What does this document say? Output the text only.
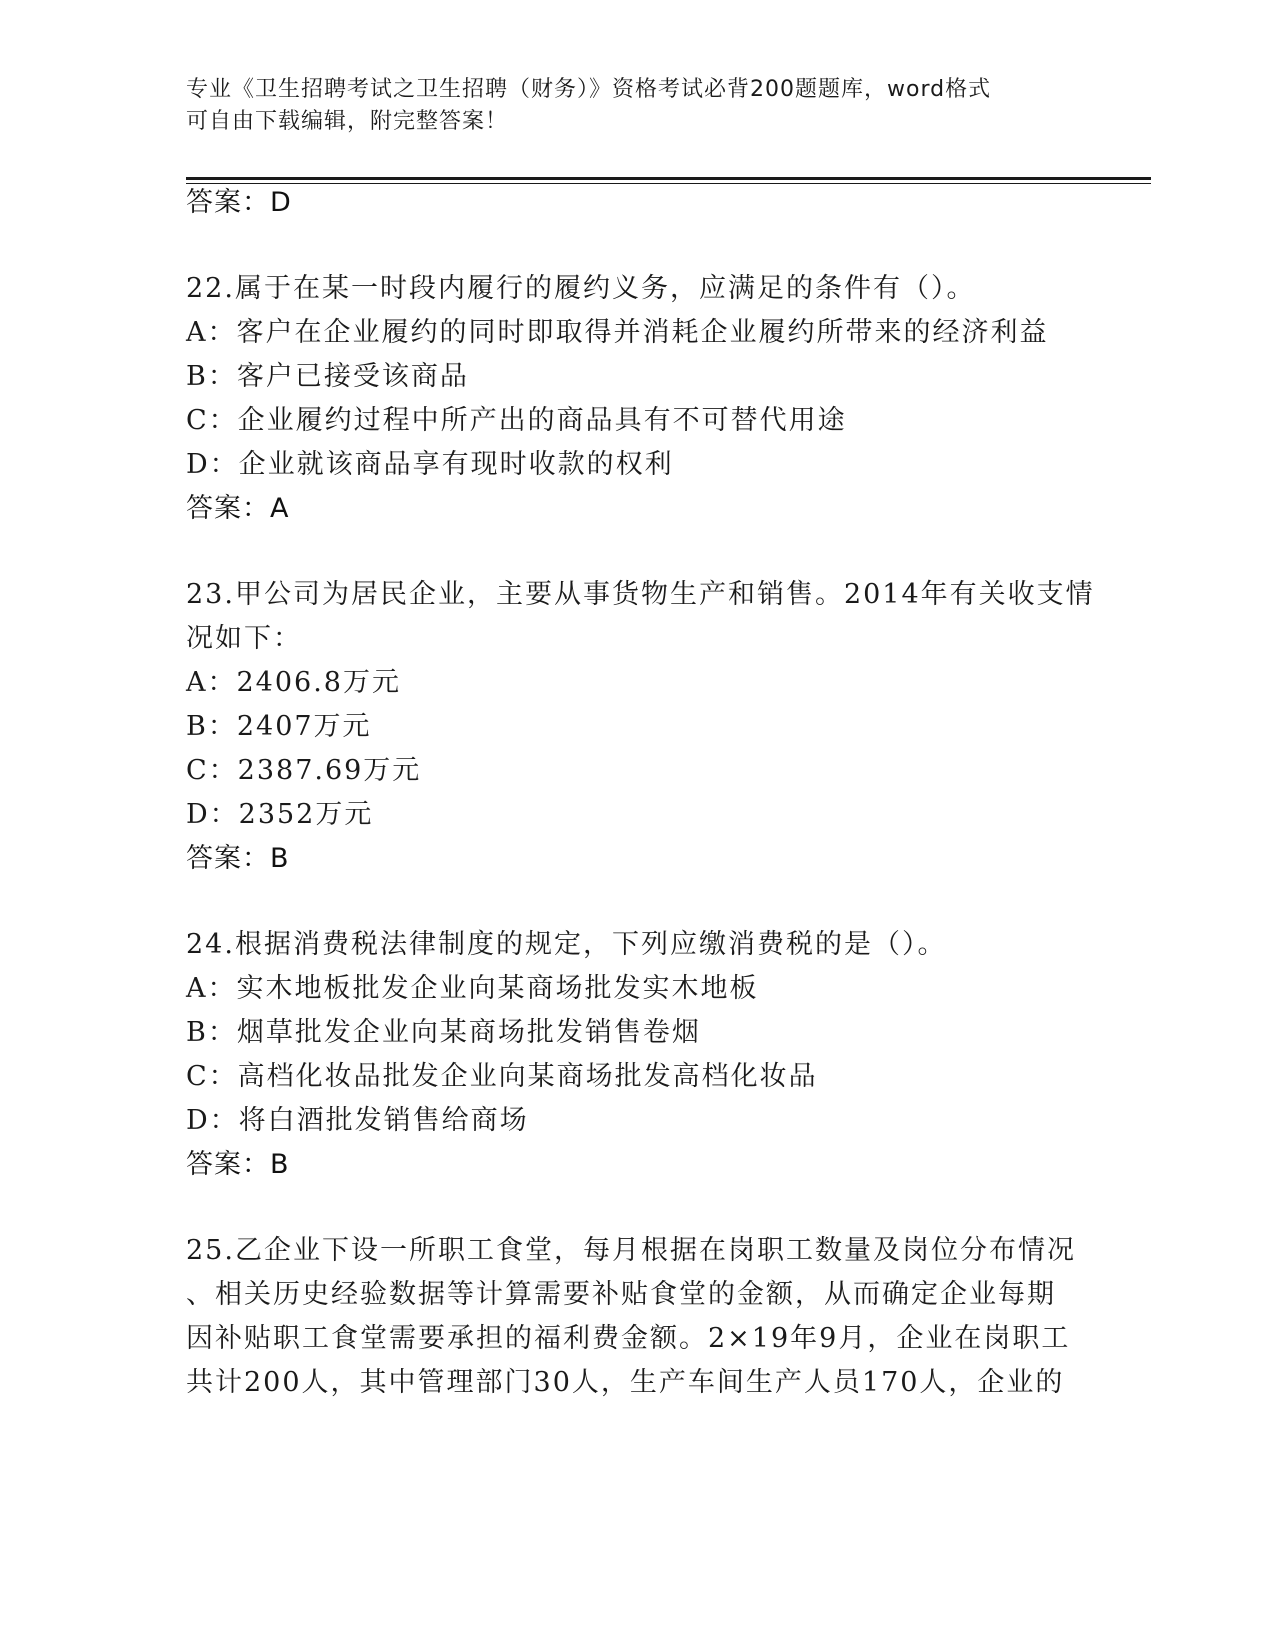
专业《卫生招聘考试之卫生招聘（财务）》资格考试必背200题题库，word格式
可自由下载编辑，附完整答案！
答案：D
22.属于在某一时段内履行的履约义务，应满足的条件有（）。
A：客户在企业履约的同时即取得并消耗企业履约所带来的经济利益
B：客户已接受该商品
C：企业履约过程中所产出的商品具有不可替代用途
D：企业就该商品享有现时收款的权利
答案：A
23.甲公司为居民企业，主要从事货物生产和销售。2014年有关收支情
况如下：
A：2406.8万元
B：2407万元
C：2387.69万元
D：2352万元
答案：B
24.根据消费税法律制度的规定，下列应缴消费税的是（）。
A：实木地板批发企业向某商场批发实木地板
B：烟草批发企业向某商场批发销售卷烟
C：高档化妆品批发企业向某商场批发高档化妆品
D：将白酒批发销售给商场
答案：B
25.乙企业下设一所职工食堂，每月根据在岗职工数量及岗位分布情况
、相关历史经验数据等计算需要补贴食堂的金额，从而确定企业每期
因补贴职工食堂需要承担的福利费金额。2×19年9月，企业在岗职工
共计200人，其中管理部门30人，生产车间生产人员170人，企业的
